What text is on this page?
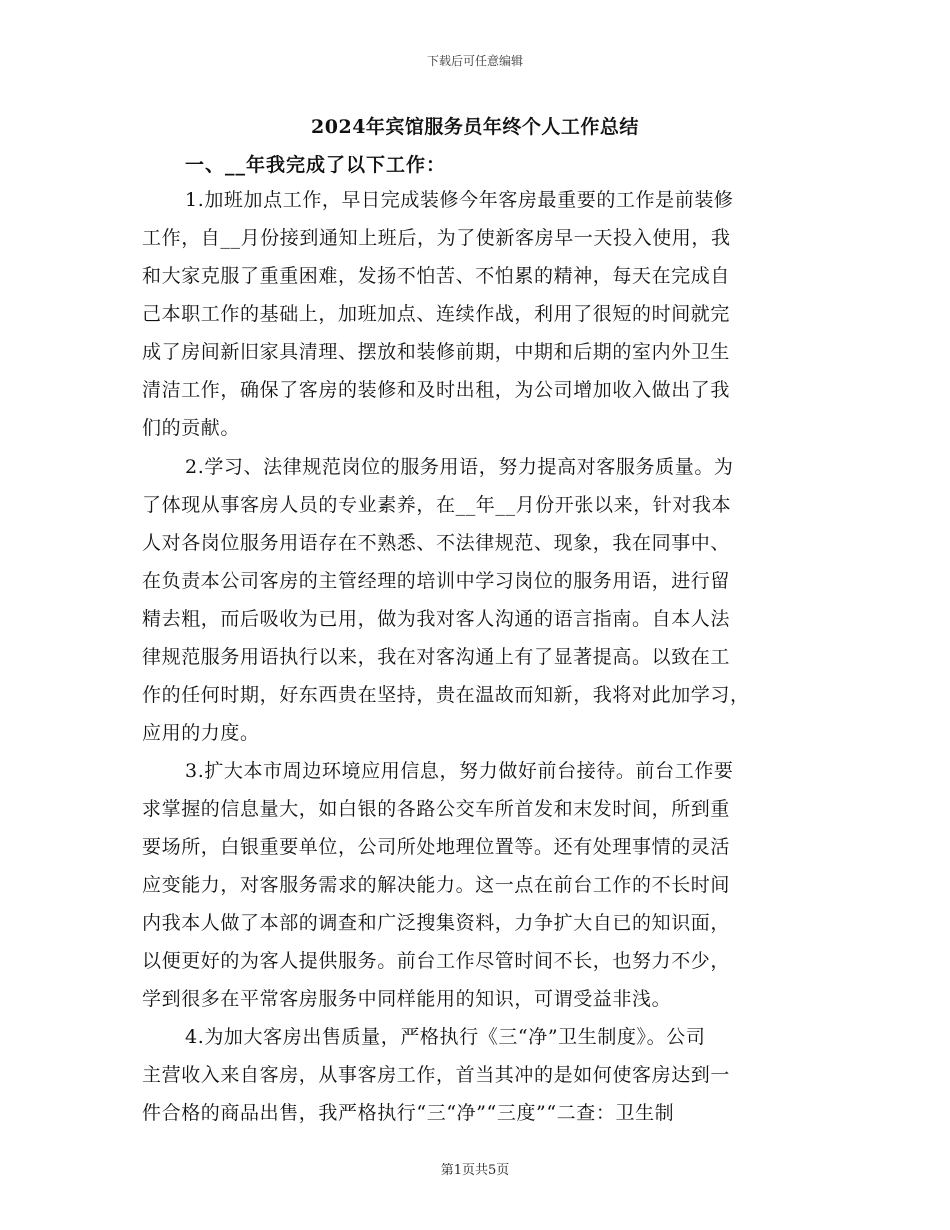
下载后可任意编辑
2024年宾馆服务员年终个人工作总结
一、__年我完成了以下工作：
1.加班加点工作，早日完成装修今年客房最重要的工作是前装修
工作，自__月份接到通知上班后，为了使新客房早一天投入使用，我
和大家克服了重重困难，发扬不怕苦、不怕累的精神，每天在完成自
己本职工作的基础上，加班加点、连续作战，利用了很短的时间就完
成了房间新旧家具清理、摆放和装修前期，中期和后期的室内外卫生
清洁工作，确保了客房的装修和及时出租，为公司增加收入做出了我
们的贡献。
2.学习、法律规范岗位的服务用语，努力提高对客服务质量。为
了体现从事客房人员的专业素养，在__年__月份开张以来，针对我本
人对各岗位服务用语存在不熟悉、不法律规范、现象，我在同事中、
在负责本公司客房的主管经理的培训中学习岗位的服务用语，进行留
精去粗，而后吸收为已用，做为我对客人沟通的语言指南。自本人法
律规范服务用语执行以来，我在对客沟通上有了显著提高。以致在工
作的任何时期，好东西贵在坚持，贵在温故而知新，我将对此加学习，
应用的力度。
3.扩大本市周边环境应用信息，努力做好前台接待。前台工作要
求掌握的信息量大，如白银的各路公交车所首发和末发时间，所到重
要场所，白银重要单位，公司所处地理位置等。还有处理事情的灵活
应变能力，对客服务需求的解决能力。这一点在前台工作的不长时间
内我本人做了本部的调查和广泛搜集资料，力争扩大自已的知识面，
以便更好的为客人提供服务。前台工作尽管时间不长，也努力不少，
学到很多在平常客房服务中同样能用的知识，可谓受益非浅。
4.为加大客房出售质量，严格执行《三“净”卫生制度》。公司
主营收入来自客房，从事客房工作，首当其冲的是如何使客房达到一
件合格的商品出售，我严格执行“三“净”“三度”“二查：卫生制
第1页共5页
